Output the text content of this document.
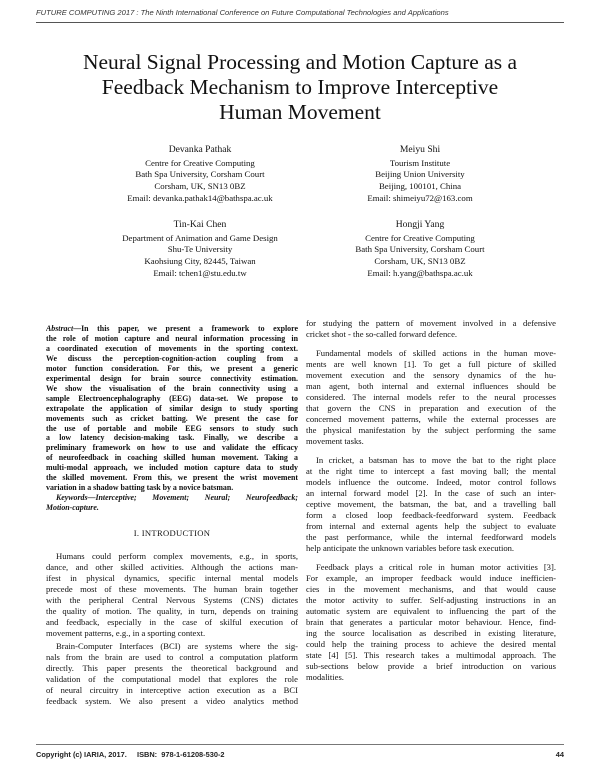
FUTURE COMPUTING 2017 : The Ninth International Conference on Future Computational Technologies and Applications
Neural Signal Processing and Motion Capture as a
Feedback Mechanism to Improve Interceptive
Human Movement
Devanka Pathak
Centre for Creative Computing
Bath Spa University, Corsham Court
Corsham, UK, SN13 0BZ
Email: devanka.pathak14@bathspa.ac.uk
Meiyu Shi
Tourism Institute
Beijing Union University
Beijing, 100101, China
Email: shimeiyu72@163.com
Tin-Kai Chen
Department of Animation and Game Design
Shu-Te University
Kaohsiung City, 82445, Taiwan
Email: tchen1@stu.edu.tw
Hongji Yang
Centre for Creative Computing
Bath Spa University, Corsham Court
Corsham, UK, SN13 0BZ
Email: h.yang@bathspa.ac.uk
Abstract—In this paper, we present a framework to explore
the role of motion capture and neural information processing in
a coordinated execution of movements in the sporting context.
We discuss the perception-cognition-action coupling from a
motor function consideration. For this, we present a generic
experimental design for brain source connectivity estimation.
We show the visualisation of the brain connectivity using a
sample Electroencephalography (EEG) data-set. We propose to
extrapolate the application of similar design to study sporting
movements such as cricket batting. We present the case for
the use of portable and mobile EEG sensors to study such
a low latency decision-making task. Finally, we describe a
preliminary framework on how to use and validate the efficacy
of neurofeedback in coaching skilled human movement. Taking a
multi-modal approach, we included motion capture data to study
the skilled movement. From this, we present the wrist movement
variation in a shadow batting task by a novice batsman.
Keywords—Interceptive; Movement; Neural; Neurofeedback;
Motion-capture.
I. INTRODUCTION
Humans could perform complex movements, e.g., in sports,
dance, and other skilled activities. Although the actions man-
ifest in physical dynamics, specific internal mental models
precede most of these movements. The human brain together
with the peripheral Central Nervous Systems (CNS) dictates
the quality of motion. The quality, in turn, depends on training
and feedback, especially in the case of skilful execution of
movement patterns, e.g., in a sporting context.
Brain-Computer Interfaces (BCI) are systems where the sig-
nals from the brain are used to control a computation platform
directly. This paper presents the theoretical background and
validation of the computational model that explores the role
of neural circuitry in interceptive action execution as a BCI
feedback system. We also present a video analytics method
for studying the pattern of movement involved in a defensive
cricket shot - the so-called forward defence.
Fundamental models of skilled actions in the human move-
ments are well known [1]. To get a full picture of skilled
movement execution and the sensory dynamics of the hu-
man agent, both internal and external influences should be
considered. The internal models refer to the neural processes
that govern the CNS in preparation and execution of the
concerned movement patterns, while the external processes are
the physical manifestation by the subject performing the same
movement tasks.
In cricket, a batsman has to move the bat to the right place
at the right time to intercept a fast moving ball; the mental
models influence the outcome. Indeed, motor control follows
an internal forward model [2]. In the case of such an inter-
ceptive movement, the batsman, the bat, and a travelling ball
form a closed loop feedback-feedforward system. Feedback
from internal and external agents help the subject to evaluate
the past performance, while the internal feedforward models
help anticipate the unknown variables before task execution.
Feedback plays a critical role in human motor activities [3].
For example, an improper feedback would induce inefficien-
cies in the movement mechanisms, and that would cause
the motor activity to suffer. Self-adjusting instructions in an
automatic system are equivalent to influencing the part of the
brain that generates a particular motor behaviour. Hence, find-
ing the source localisation as described in existing literature,
could help the training process to achieve the desired mental
state [4] [5]. This research takes a multimodal approach. The
sub-sections below provide a brief introduction on various
modalities.
Copyright (c) IARIA, 2017.     ISBN:  978-1-61208-530-2	44
